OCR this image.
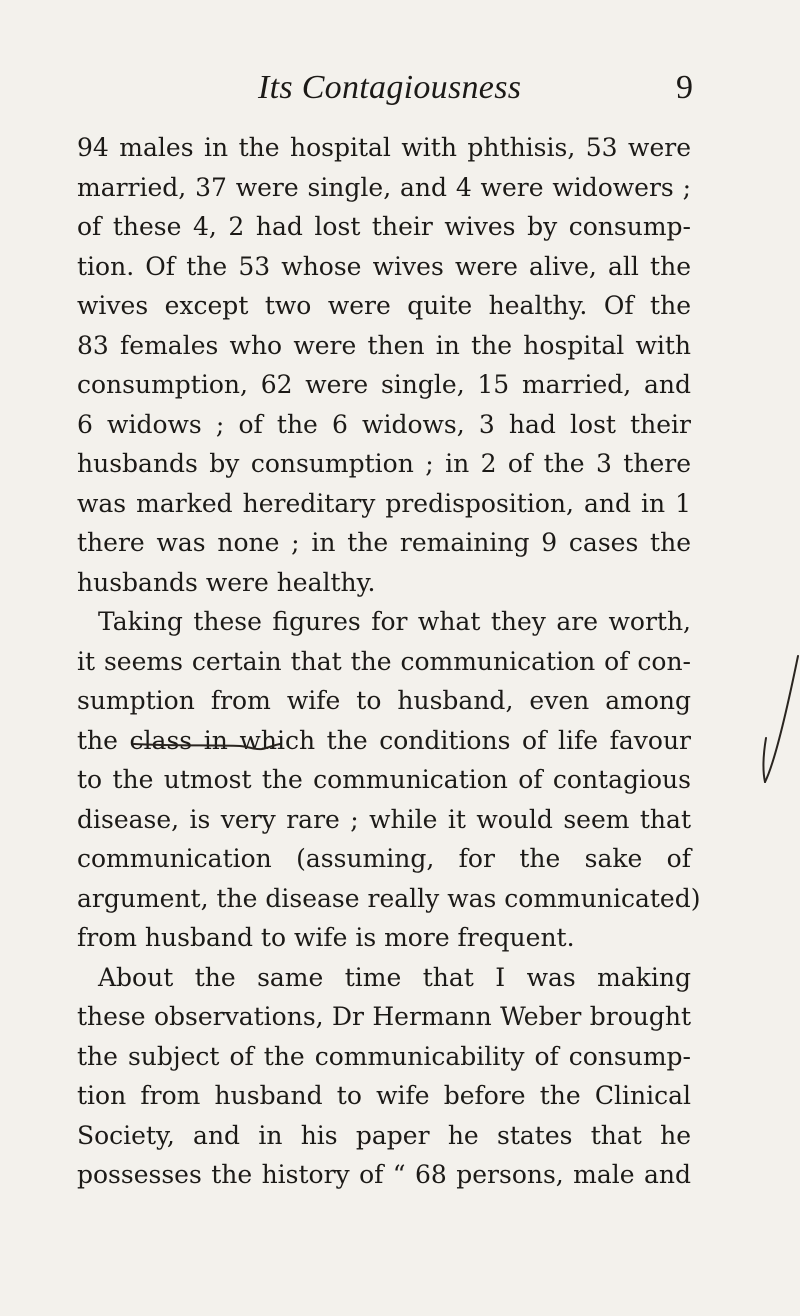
Its Contagiousness	9
94 males in the hospital with phthisis, 53 were
married, 37 were single, and 4 were widowers ;
of these 4, 2 had lost their wives by consump-
tion. Of the 53 whose wives were alive, all the
wives except two were quite healthy. Of the
83 females who were then in the hospital with
consumption, 62 were single, 15 married, and
6 widows ; of the 6 widows, 3 had lost their
husbands by consumption ; in 2 of the 3 there
was marked hereditary predisposition, and in 1
there was none ; in the remaining 9 cases the
husbands were healthy.
Taking these figures for what they are worth,
it seems certain that the communication of con-
sumption from wife to husband, even among
the class in which the conditions of life favour
to the utmost the communication of contagious
disease, is very rare ; while it would seem that
communication (assuming, for the sake of
argument, the disease really was communicated)
from husband to wife is more frequent.
About the same time that I was making
these observations, Dr Hermann Weber brought
the subject of the communicability of consump-
tion from husband to wife before the Clinical
Society, and in his paper he states that he
possesses the history of “ 68 persons, male and
